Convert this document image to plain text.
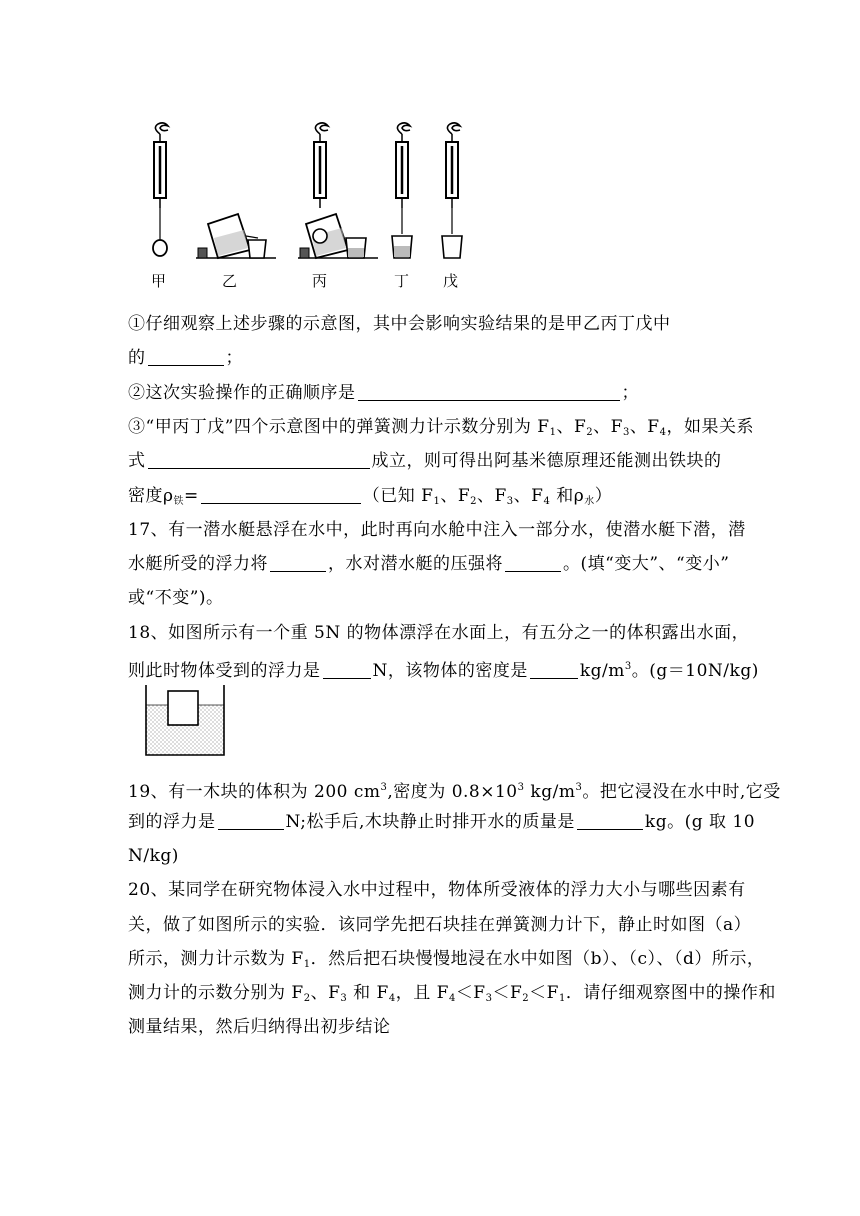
甲	乙	丙	丁 戊
①仔细观察上述步骤的示意图，其中会影响实验结果的是甲乙丙丁戊中
的	；
②这次实验操作的正确顺序是	；
③“甲丙丁戊”四个示意图中的弹簧测力计示数分别为 $F_1$、$F_2$、$F_3$、$F_4$，如果关系
式	成立，则可得出阿基米德原理还能测出铁块的
密度$\rho_铁=$	（已知 $F_1$、$F_2$、$F_3$、$F_4$ 和$\rho_水$）
17、有一潜水艇悬浮在水中，此时再向水舱中注入一部分水，使潜水艇下潜，潜
水艇所受的浮力将	，水对潜水艇的压强将	。(填“变大”、“变小”
或“不变”)。
18、如图所示有一个重 5N 的物体漂浮在水面上，有五分之一的体积露出水面，
则此时物体受到的浮力是	N，该物体的密度是	$kg/m^3$。(g＝10N/kg)
19、有一木块的体积为 200 $cm^3$,密度为 $0.8\times 10^3$ $kg/m^3$。把它浸没在水中时,它受
到的浮力是	N;松手后,木块静止时排开水的质量是	kg。(g 取 10
N/kg)
20、某同学在研究物体浸入水中过程中，物体所受液体的浮力大小与哪些因素有
关，做了如图所示的实验．该同学先把石块挂在弹簧测力计下，静止时如图（a）
所示，测力计示数为 $F_1$．然后把石块慢慢地浸在水中如图（b）、（c）、（d）所示，
测力计的示数分别为 $F_2$、$F_3$ 和 $F_4$，且 $F_4<F_3<F_2<F_1$．请仔细观察图中的操作和
测量结果，然后归纳得出初步结论
